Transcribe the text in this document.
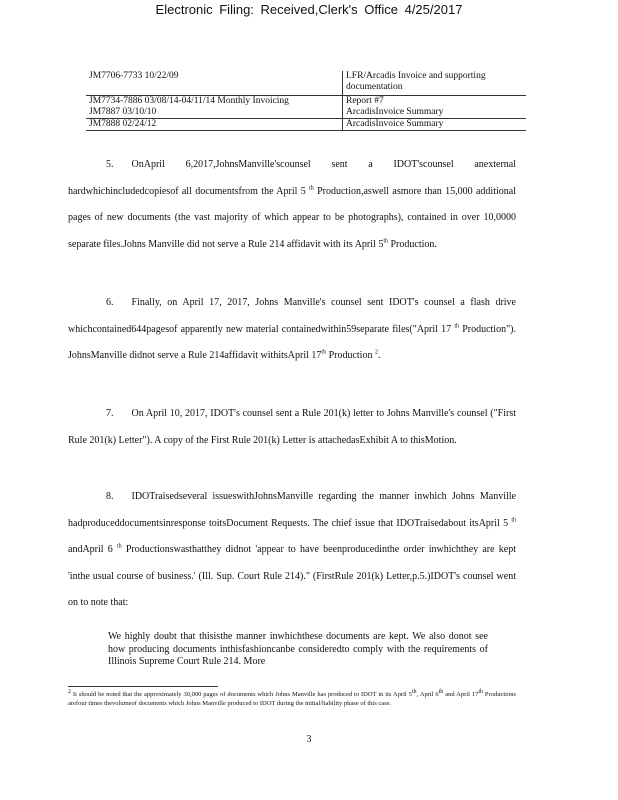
Electronic Filing: Received,Clerk's Office 4/25/2017
JM7706-7733 10/22/09	LFR/Arcadis Invoice and supporting documentation
JM7734-7886 03/08/14-04/11/14 Monthly Invoicing	Report #7
JM7887 03/10/10	ArcadisInvoice Summary
JM7888 02/24/12	ArcadisInvoice Summary

5. OnApril 6,2017,JohnsManville'scounsel sent a IDOT'scounsel anexternal hardwhichincludedcopiesof all documentsfrom the April 5 $^{th}$ Production,aswell asmore than 15,000 additional pages of new documents (the vast majority of which appear to be photographs), contained in over 10,0000 separate files.Johns Manville did not serve a Rule 214 affidavit with its April 5th Production.

6. Finally, on April 17, 2017, Johns Manville's counsel sent IDOT's counsel a flash drive whichcontained644pagesof apparently new material containedwithin59separate files("April 17 $^{th}$ Production"). JohnsManville didnot serve a Rule 214affidavit withitsApril 17th Production $^2$.

7. On April 10, 2017, IDOT's counsel sent a Rule 201(k) letter to Johns Manville's counsel ("First Rule 201(k) Letter"). A copy of the First Rule 201(k) Letter is attachedasExhibit A to thisMotion.

8. IDOTraisedseveral issueswithJohnsManville regarding the manner inwhich Johns Manville hadproduceddocumentsinresponse toitsDocument Requests. The chief issue that IDOTraisedabout itsApril 5 $^{th}$ andApril 6 $^{th}$ Productionswasthatthey didnot 'appear to have beenproducedinthe order inwhichthey are kept 'inthe usual course of business.' (Ill. Sup. Court Rule 214)." (FirstRule 201(k) Letter,p.5.)IDOT's counsel went on to note that:

We highly doubt that thisisthe manner inwhichthese documents are kept. We also donot see how producing documents inthisfashioncanbe consideredto comply with the requirements of Illinois Supreme Court Rule 214. More

$^2$ It should be noted that the approximately 30,000 pages of documents which Johns Manville has produced to IDOT in its April 5th, April 6th and April 17th Productions arefour times thevolumeof documents which Johns Manville produced to IDOT during the initial/liability phase of this case.

3
